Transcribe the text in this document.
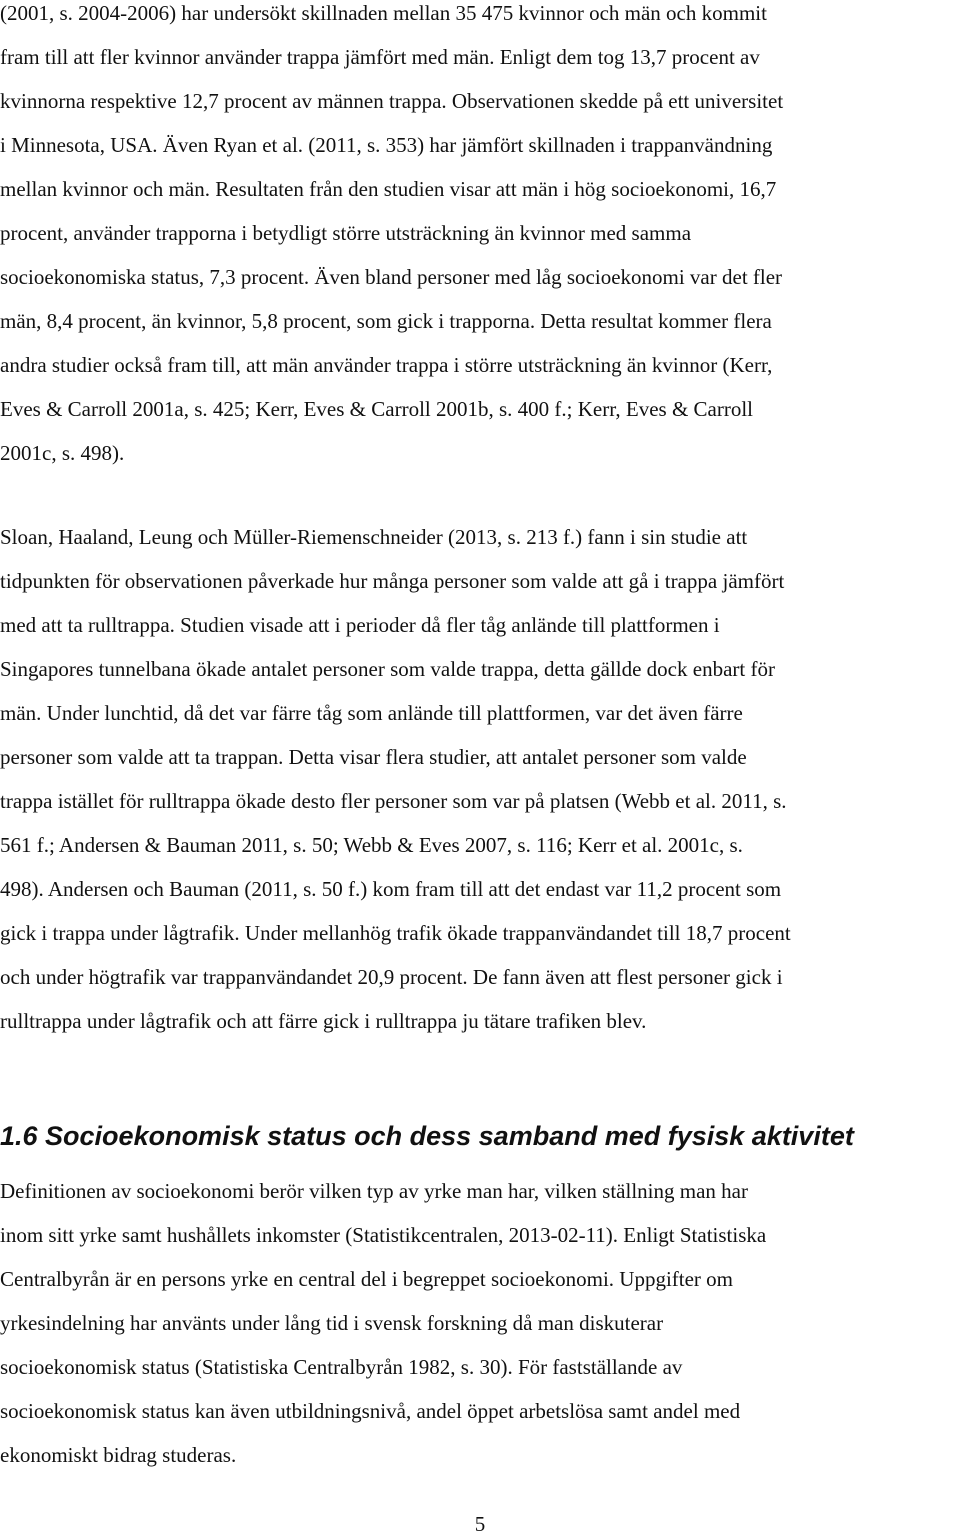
(2001, s. 2004-2006) har undersökt skillnaden mellan 35 475 kvinnor och män och kommit
fram till att fler kvinnor använder trappa jämfört med män. Enligt dem tog 13,7 procent av
kvinnorna respektive 12,7 procent av männen trappa. Observationen skedde på ett universitet
i Minnesota, USA. Även Ryan et al. (2011, s. 353) har jämfört skillnaden i trappanvändning
mellan kvinnor och män. Resultaten från den studien visar att män i hög socioekonomi, 16,7
procent, använder trapporna i betydligt större utsträckning än kvinnor med samma
socioekonomiska status, 7,3 procent. Även bland personer med låg socioekonomi var det fler
män, 8,4 procent, än kvinnor, 5,8 procent, som gick i trapporna. Detta resultat kommer flera
andra studier också fram till, att män använder trappa i större utsträckning än kvinnor (Kerr,
Eves & Carroll 2001a, s. 425; Kerr, Eves & Carroll 2001b, s. 400 f.; Kerr, Eves & Carroll
2001c, s. 498).

Sloan, Haaland, Leung och Müller-Riemenschneider (2013, s. 213 f.) fann i sin studie att
tidpunkten för observationen påverkade hur många personer som valde att gå i trappa jämfört
med att ta rulltrappa. Studien visade att i perioder då fler tåg anlände till plattformen i
Singapores tunnelbana ökade antalet personer som valde trappa, detta gällde dock enbart för
män. Under lunchtid, då det var färre tåg som anlände till plattformen, var det även färre
personer som valde att ta trappan. Detta visar flera studier, att antalet personer som valde
trappa istället för rulltrappa ökade desto fler personer som var på platsen (Webb et al. 2011, s.
561 f.; Andersen & Bauman 2011, s. 50; Webb & Eves 2007, s. 116; Kerr et al. 2001c, s.
498). Andersen och Bauman (2011, s. 50 f.) kom fram till att det endast var 11,2 procent som
gick i trappa under lågtrafik. Under mellanhög trafik ökade trappanvändandet till 18,7 procent
och under högtrafik var trappanvändandet 20,9 procent. De fann även att flest personer gick i
rulltrappa under lågtrafik och att färre gick i rulltrappa ju tätare trafiken blev.

1.6 Socioekonomisk status och dess samband med fysisk aktivitet

Definitionen av socioekonomi berör vilken typ av yrke man har, vilken ställning man har
inom sitt yrke samt hushållets inkomster (Statistikcentralen, 2013-02-11). Enligt Statistiska
Centralbyrån är en persons yrke en central del i begreppet socioekonomi. Uppgifter om
yrkesindelning har använts under lång tid i svensk forskning då man diskuterar
socioekonomisk status (Statistiska Centralbyrån 1982, s. 30). För fastställande av
socioekonomisk status kan även utbildningsnivå, andel öppet arbetslösa samt andel med
ekonomiskt bidrag studeras.

5
